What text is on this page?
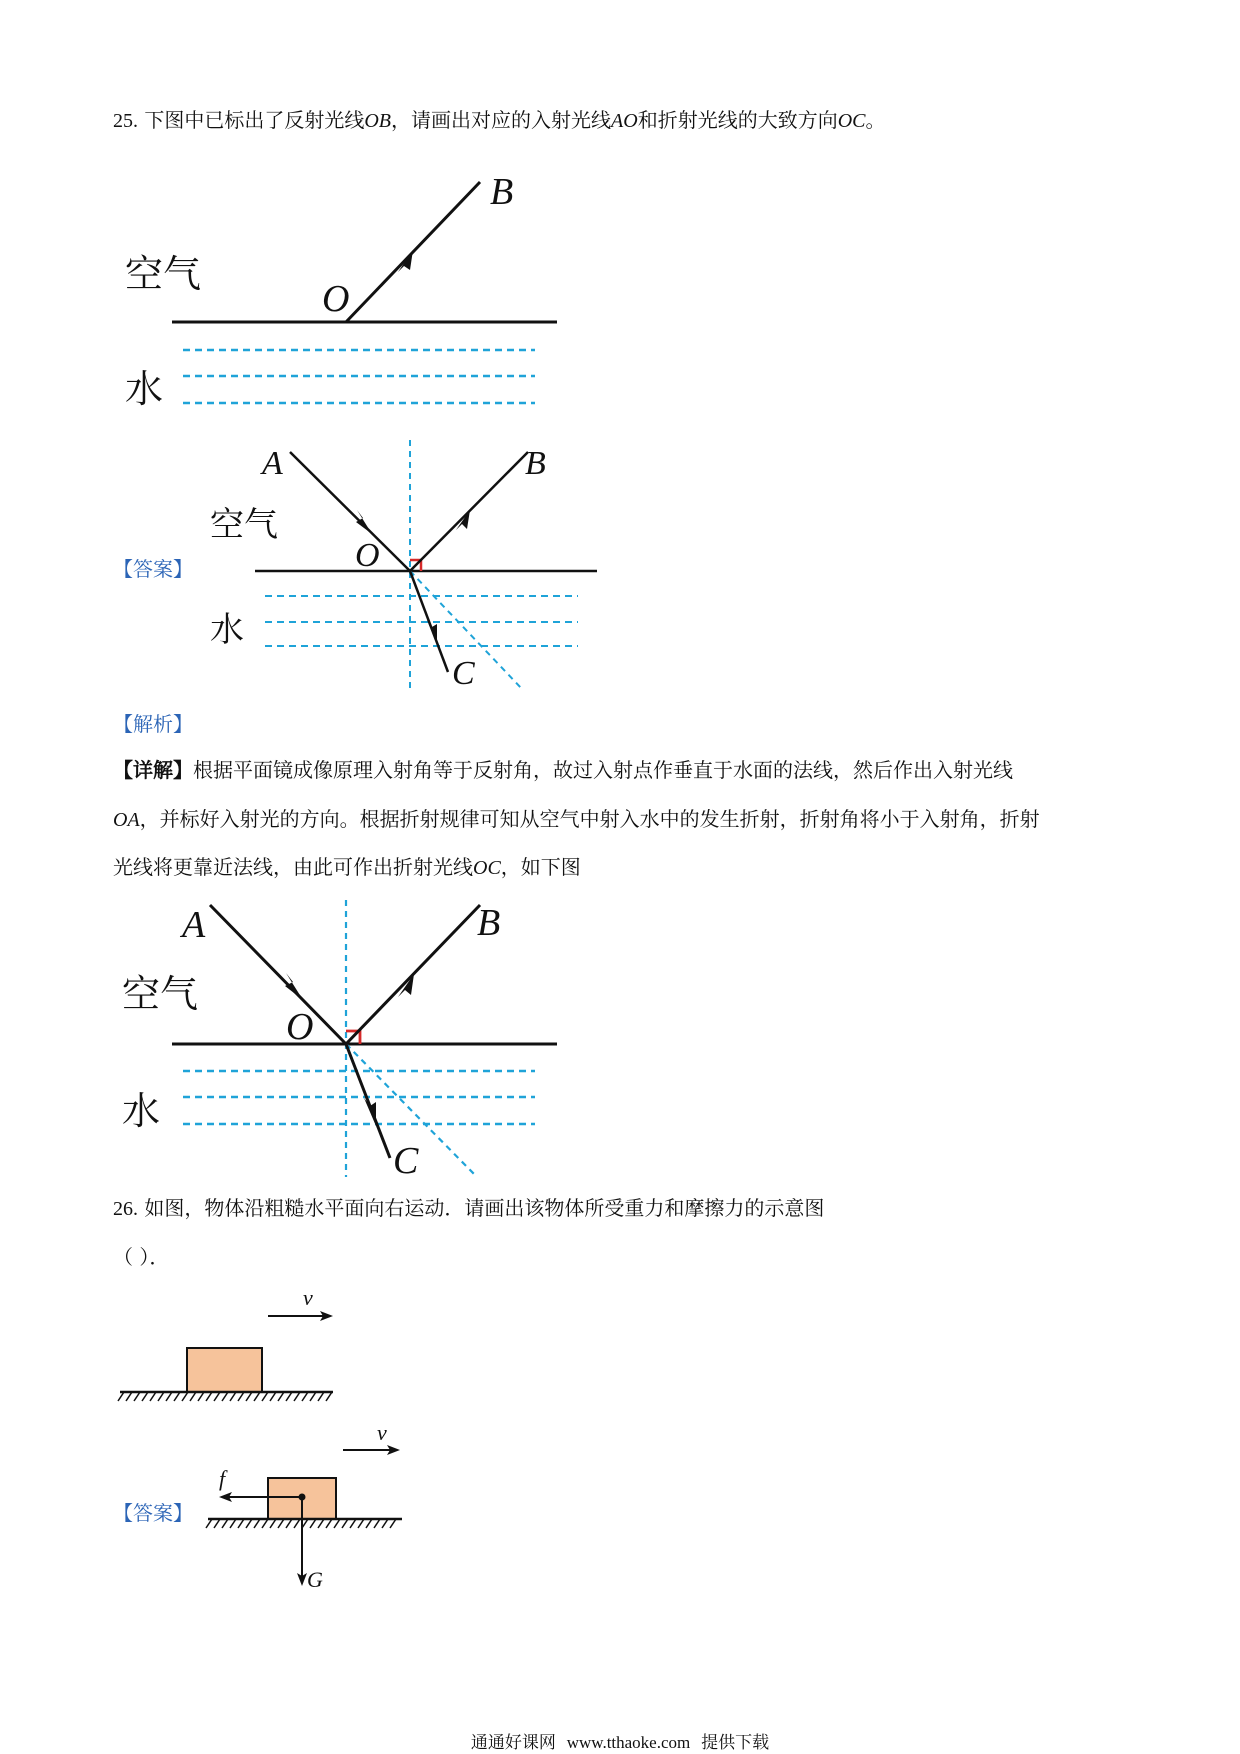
25. 下图中已标出了反射光线OB，请画出对应的入射光线AO和折射光线的大致方向OC。
空气
水
O
B
【答案】
空气
水
A	B
O
C
【解析】
【详解】根据平面镜成像原理入射角等于反射角，故过入射点作垂直于水面的法线，然后作出入射光线
OA，并标好入射光的方向。根据折射规律可知从空气中射入水中的发生折射，折射角将小于入射角，折射
光线将更靠近法线，由此可作出折射光线OC，如下图
空气
水
A	B
O
C
26. 如图，物体沿粗糙水平面向右运动．请画出该物体所受重力和摩擦力的示意图
（ ）．
v
【答案】
v
f
G
通通好课网 www.tthaoke.com 提供下载
